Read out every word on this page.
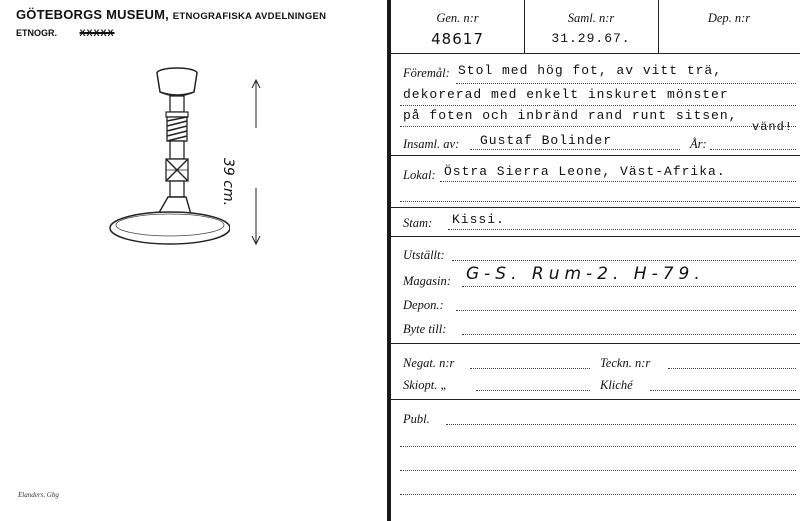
GÖTEBORGS MUSEUM, ETNOGRAFISKA AVDELNINGEN
ETNOGR.	XXXXX
39 cm.
Elanders, Gbg
Gen. n:r
48617
Saml. n:r
31.29.67.
Dep. n:r
Föremål: Stol med hög fot, av vitt trä,
dekorerad med enkelt inskuret mönster
på foten och inbränd rand runt sitsen,
vänd!
Insaml. av: Gustaf Bolinder	År:
Lokal: Östra Sierra Leone, Väst-Afrika.
Stam: Kissi.
Utställt:
Magasin: G-S. Rum-2. H-79.
Depon.:
Byte till:
Negat. n:r	Teckn. n:r
Skiopt. „	Kliché
Publ.
